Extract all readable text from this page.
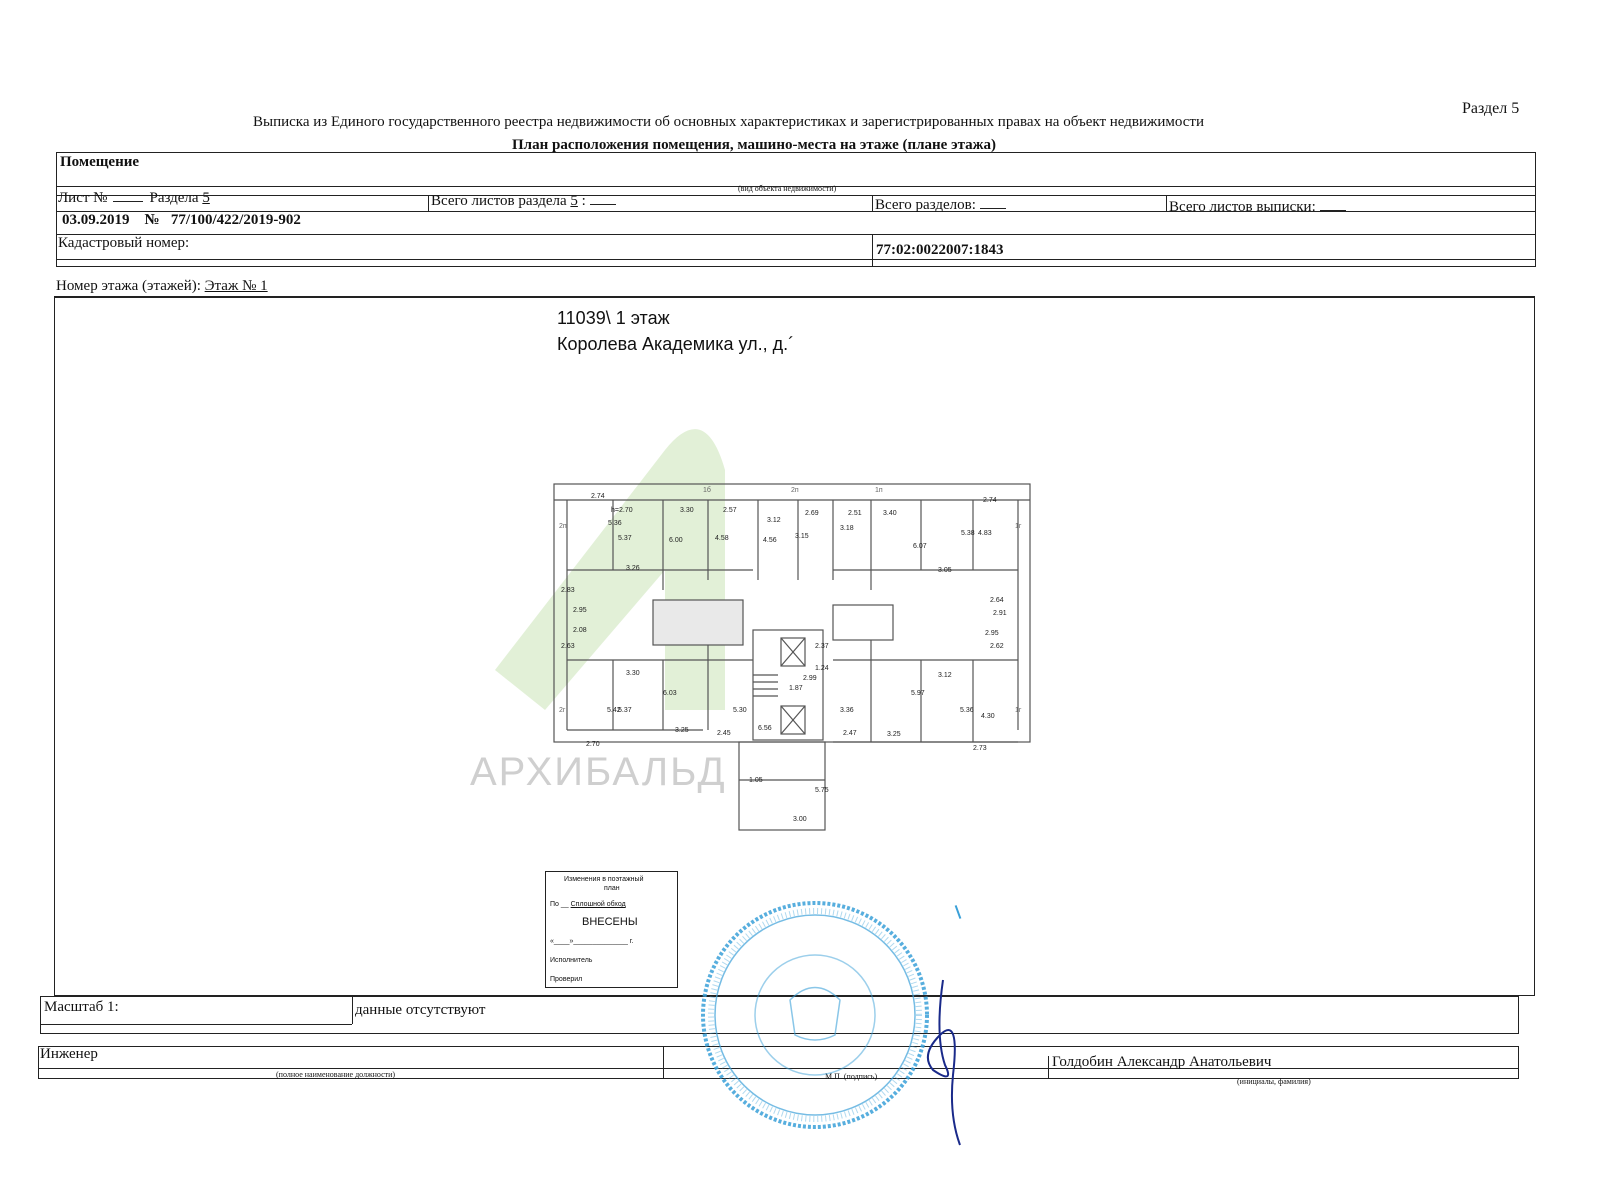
Раздел 5
Выписка из Единого государственного реестра недвижимости об основных характеристиках и зарегистрированных правах на объект недвижимости
План расположения помещения, машино-места на этаже (плане этажа)
Помещение
(вид объекта недвижимости)
Лист №	Раздела 5	Всего листов раздела 5 :	Всего разделов:	Всего листов выписки:
03.09.2019 № 77/100/422/2019-902
Кадастровый номер:	77:02:0022007:1843
Номер этажа (этажей): Этаж № 1
11039\ 1 этаж
Королева Академика ул., д.´
АРХИБАЛЬД
2.74
h=2.70	3.30	2.57
3.12
2.69	2.51	3.40
2.74
5.36
5.37	6.00	4.58	4.56
3.15
3.18
6.07
5.38 4.83
3.26	3.05
2.83
2.95
2.64
2.91
2.08	2.95
2.63	2.37
1.24
2.62
3.30
2.99	3.12
6.03
1.87
5.42
5.37	5.30	3.36
5.97
5.36
4.30
3.25	2.45	2.47	3.25
6.56
2.70
2.73
1.05
5.75
3.00
1б	2п	1п
2п	1г
2г	1г
Изменения в поэтажный
план
По __ Сплошной обход
ВНЕСЕНЫ
«____»______________ г.
Исполнитель
Проверил
Масштаб 1:	данные отсутствуют
Инженер
(полное наименование должности)	М.П. (подпись)
Голдобин Александр Анатольевич
(инициалы, фамилия)
